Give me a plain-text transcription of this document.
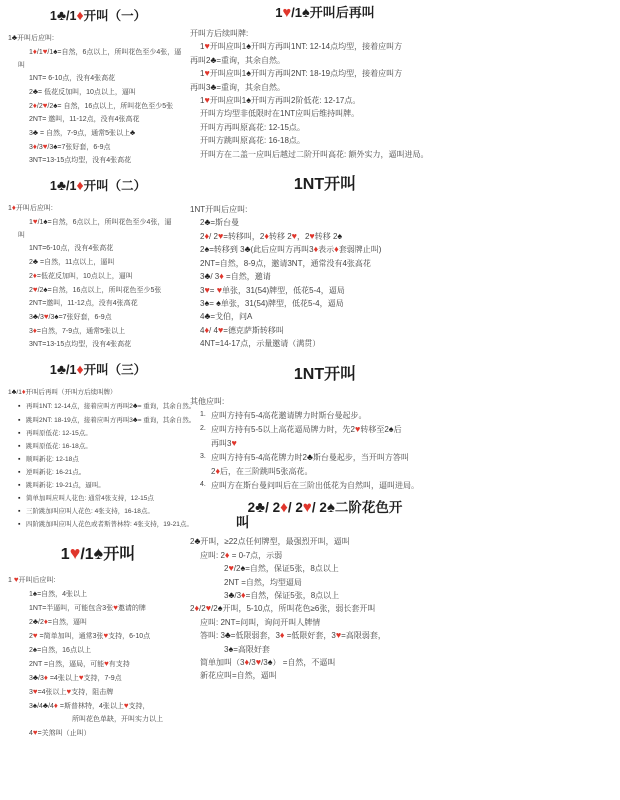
1♣/1♦开叫（一）
1♣开叫后应叫:
1♦/1♥/1♠=自然，6点以上，所叫花色至少4张，逼
叫
1NT= 6-10点，没有4张高花
2♣= 低花反加叫，10点以上，逼叫
2♦/2♥/2♠= 自然，16点以上，所叫花色至少5张
2NT= 邀叫，11-12点，没有4张高花
3♣ = 自然，7-9点，通常5张以上♣
3♦/3♥/3♠=7张好套，6-9点
3NT=13-15点均型，没有4张高花
1♣/1♦开叫（二）
1♦开叫后应叫:
1♥/1♠=自然，6点以上，所叫花色至少4张，逼
叫
1NT=6-10点，没有4张高花
2♣ =自然，11点以上，逼叫
2♦=低花反加叫，10点以上，逼叫
2♥/2♠=自然，16点以上，所叫花色至少5张
2NT=邀叫，11-12点，没有4张高花
3♣/3♥/3♠=7张好套，6-9点
3♦=自然，7-9点，通常5张以上
3NT=13-15点均型，没有4张高花
1♣/1♦开叫（三）
1♣/1♦开叫后再叫（开叫方后续叫牌）
▪ 再叫1NT: 12-14点，接着应叫方再叫2♣= 重询，其余自然。
▪ 跳叫2NT: 18-19点，接着应叫方再叫3♣= 重询，其余自然。
▪ 再叫原低花: 12-15点。
▪ 跳叫原低花: 16-18点。
▪ 顺叫新花: 12-18点
▪ 逆叫新花: 16-21点。
▪ 跳叫新花: 19-21点，逼叫。
▪ 简单加叫应叫人花色: 通常4张支持，12-15点
▪ 三阶跳加叫应叫人花色: 4张支持，16-18点。
▪ 四阶跳加叫应叫人花色或者斯普林特: 4张支持，19-21点。
1♥/1♠开叫
1 ♥开叫后应叫:
1♠=自然，4张以上
1NT=半逼叫，可能包含3张♥邀请的牌
2♣/2♦=自然，逼叫
2♥ =简单加叫，通常3张♥支持，6-10点
2♠=自然，16点以上
2NT =自然，逼局，可能♥有支持
3♣/3♦ =4张以上♥支持，7-9点
3♥=4张以上♥支持，阻击牌
3♠/4♣/4♦ =斯普林特，4张以上♥支持，
所叫花色单缺，开叫实力以上
4♥=关煞叫（止叫）
1♥/1♠开叫后再叫
开叫方后续叫牌:
1♥开叫应叫1♠开叫方再叫1NT: 12-14点均型，接着应叫方
再叫2♣=重询，其余自然。
1♥开叫应叫1♠开叫方再叫2NT: 18-19点均型，接着应叫方
再叫3♣=重询，其余自然。
1♥开叫应叫1♠开叫方再叫2阶低花: 12-17点。
开叫方均型非低限时在1NT应叫后维持叫牌。
开叫方再叫原高花: 12-15点。
开叫方跳叫原高花: 16-18点。
开叫方在二盖一应叫后越过二阶开叫高花: 额外实力，逼叫进局。
1NT开叫
1NT开叫后应叫:
2♣=斯台曼
2♦/ 2♥=转移叫，2♦转移 2♥，2♥转移 2♠
2♠=转移到 3♣(此后应叫方再叫3♦表示♦套弱牌止叫)
2NT=自然，8-9点，邀请3NT，通常没有4张高花
3♣/ 3♦ =自然，邀请
3♥= ♥单张，31(54)牌型，低花5-4，逼局
3♠= ♠单张，31(54)牌型，低花5-4，逼局
4♣=戈伯，问A
4♦/ 4♥=德克萨斯转移叫
4NT=14-17点，示量邀请（满贯）
1NT开叫
其他应叫:
1. 应叫方持有5-4高花邀请牌力时斯台曼起步。
2. 应叫方持有5-5以上高花逼局牌力时，先2♥转移至2♠后
再叫3♥
3. 应叫方持有5-4高花牌力时2♣斯台曼起步，当开叫方答叫
2♦后，在三阶跳叫5张高花。
4. 应叫方在斯台曼问叫后在三阶出低花为自然叫，逼叫进局。
2♣/ 2♦/ 2♥/ 2♠二阶花色开
叫
2♣开叫，≥22点任何牌型，最强烈开叫，逼叫
应叫: 2♦ = 0-7点，示弱
2♥/2♠=自然，保证5张，8点以上
2NT =自然，均型逼局
3♣/3♦=自然，保证5张，8点以上
2♦/2♥/2♠开叫，5-10点，所叫花色≥6张，弱长套开叫
应叫: 2NT=问叫，询问开叫人牌情
答叫: 3♣=低限弱套，3♦ =低限好套，3♥=高限弱套，
3♠=高限好套
简单加叫（3♦/3♥/3♠） =自然，不逼叫
新花应叫=自然，逼叫
